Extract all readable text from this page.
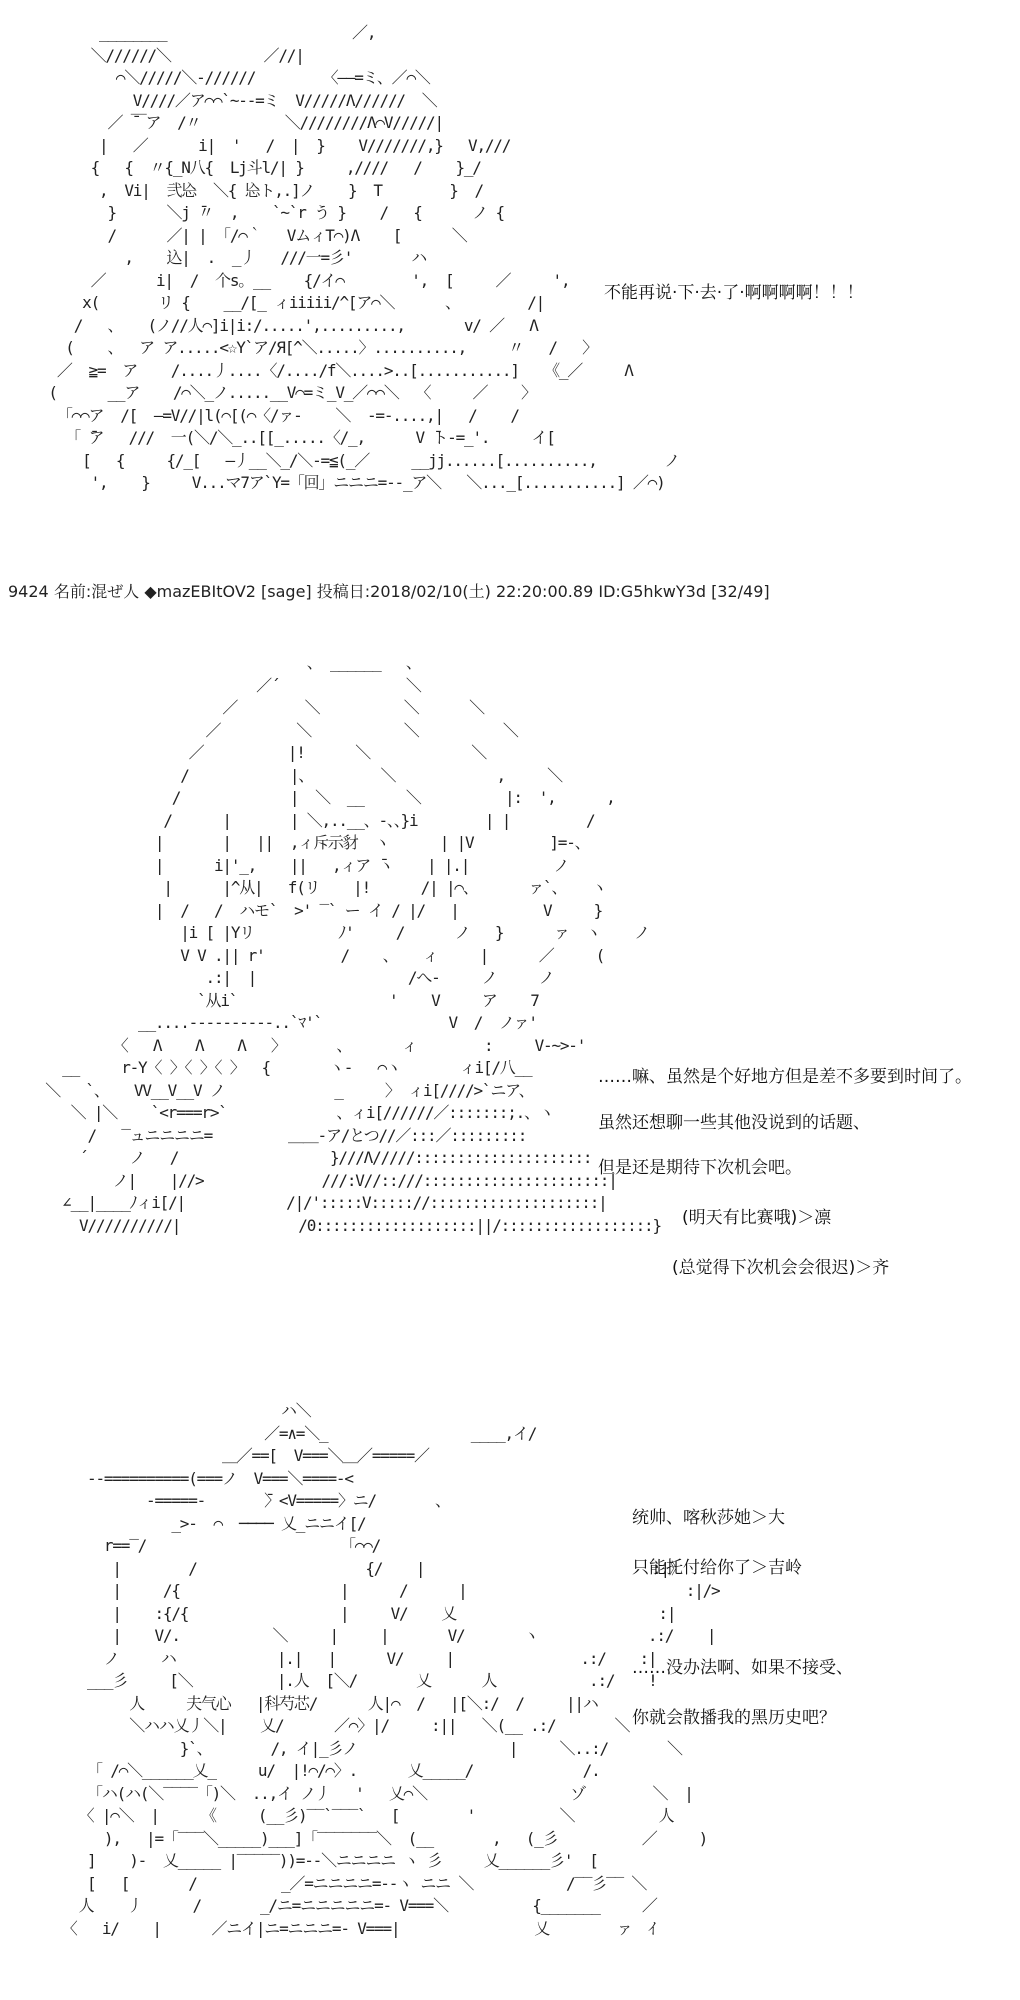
________                      ／,
＼//////＼           ／//|
⌒＼/////＼-//////        〈――=ミ、／⌒＼
V////／ア⌒⌒`~--=ミ  V/////Λ//////  ＼
／ ̄￣ア  /〃          ＼////////Λ⌒V/////|
|   ／      i|  '   /  |  }    V///////,}   V,///
{   {  〃{_N八{  Lj斗l/| }     ,////   /    }_/
,  Vi|  弐㤀  ＼{ 㤀ト,.]ノ    }  T        }  /
}      ＼j ̄〃  ,    `~`r う }    /   {      ノ {
/      ／| | 「/⌒｀   VムィT⌒)Λ    [      ＼
,    込|  .  _丿   ///一=彡'       ハ
／      i|  /  个s。__    {/イ⌒        ',  [     ／     ',
x(       リ {    __/[_ ィiiiii/^[ア⌒＼      、        /|
/   、   (ノ//人⌒]i|i:/.....',.........,       v/ ／   Λ
(    、  ア ア.....<☆Y`ア/Я[^＼.....〉..........,     〃   /   〉
／  ≧=  ア    /....丿....〈/..../f＼....>..[...........]   《_／     Λ
(      __ア    /⌒＼_ノ.....__V⌒=ミ_V_／⌒⌒＼  〈     ／    〉
「⌒⌒ア  /[  ―=V//|l(⌒[(⌒〈/ァ-    ＼  -=‐....,|   /    /
「 ̄ア   ///  一(＼/＼_..[[_.....〈/_,      V ̄ト-=_'.     イ[
[   {     {/_[   ―丿__＼_/＼-=≦(_／     __jj......[..........,        ノ
',    }     V...マ7ア`Y=「回」ニニニ=--_ア＼   ＼..._[...........] ／⌒)
不能再说·下·去·了·啊啊啊啊！！！
9424 名前:混ぜ人 ◆mazEBItOV2 [sage] 投稿日:2018/02/10(土) 22:20:00.89 ID:G5hkwY3d [32/49]
、 ______   、
／´               ＼
／        ＼          ＼      ＼
／         ＼           ＼          ＼
／          |!      ＼            ＼
/            |、        ＼            ,     ＼
/             |  ＼  __     ＼          |:  ',      ,
/      |       | ＼,..__、‐、、}i        | |         /
|       |   ||  ,ィ斥示豺  ヽ      | |V         ]=‐、
|      i|'_,    ||   ,ィア ̄ヽ    | |.|          ノ
|      |^从|   f(リ    |!      /| |⌒、      ァ`、   ヽ
|  /   /  ハモ`  >' ‾` ー イ / |/   |          V     }
|i [ |Yリ          ﾉ'     /      ノ   }      ァ  ヽ    ノ
V V .|| r'         /    、   ィ     |      ／     (
.:|  |                  /へ‐     ノ     ノ
`从i`                  '    V     ア    7
__....-‐‐‐‐‐‐‐--..`ﾏ'`               V  /  ノァ'
〈   Λ    Λ    Λ   〉      、      ィ        :     V-~>-'
__     r-Y〈 〉〈 〉〈 〉  {       ヽ-   ⌒ヽ       ィi[/八__
＼   `、   VV__V__V ノ             _     〉 ィi[////>`ニア、
＼ |＼    `<r===r>`             、ィi[//////／:::::::;.、ヽ
/   ‾ュニニニニ=         ＿＿-ア/とつ//／:::／:::::::::
´     ノ   /                  }///Λ/////:::::::::::::::::::::
ノ|    |//>              ///:V//::///::::::::::::::::::::::|
∠__|____ﾉィi[/|            /|/':::::V::::://::::::::::::::::::::|
V//////////|              /0:::::::::::::::::::||/::::::::::::::::::}
……嘛、虽然是个好地方但是差不多要到时间了。
虽然还想聊一些其他没说到的话题、
但是还是期待下次机会吧。
(明天有比赛哦)＞凛
(总觉得下次机会会很迟)＞齐
ハ＼
／=∧=＼_                 ____,イ/
＿／==[  V===＼＿／=====／
‐-==========(===ノ  V===＼====-<
-=====-       ̄〉<V=====〉ニ/       、
_>‐  ⌒  ──── 乂_ニニイ[/
r==‾/                       「⌒⌒/
|        /                    {/    |                           :|》
|     /{                   |      /      |                          :|/>
|    :{/{                  |     V/    乂                        :|
|    V/.           ＼     |     |       V/       ヽ             .:/    |
ノ     ハ            |.|   |      V/     |               .:/    :|
___彡     [＼          |.人  [＼/       乂      人           .:/    !
人     夫气心   |科芍芯/      人|⌒  /   |[＼:/  /     ||ハ
＼ハハ乂丿＼|    乂/      ／⌒〉|/     :||   ＼(__ .:/       ＼
}`、       /, イ|_彡ノ                  |     ＼..:/       ＼
「 /⌒＼______乂_     u/  |!⌒/⌒〉.      乂_____/             /.
「ハ(ハ(＼‾‾‾‾「)＼  ..,イ ノ丿   '   乂⌒＼                 ゾ        ＼  |
〈 |⌒＼  |     《     (__彡)‾‾`‾‾‾`   [        '          ＼          人
),   |=「‾‾‾＼_____)___]「‾‾‾‾‾‾‾＼  (__       ,   (_彡          ／     )
]    )-  乂_____ |‾‾‾‾‾))=‐‐＼ニニニニ ヽ 彡     乂______彡'  [
[   [       /          _／=ニニニニ=‐‐ヽ ニニ ＼           /‾‾彡‾‾ ＼
人    丿      /       _/ニ=ニニニニニ=‐ V===＼          {_______     ／
〈   i/    |      ／ニイ|ニ=ニニニ=‐ V===|                乂        ァ  ｲ
统帅、喀秋莎她＞大
只能托付给你了＞吉岭
……没办法啊、如果不接受、
你就会散播我的黑历史吧？
